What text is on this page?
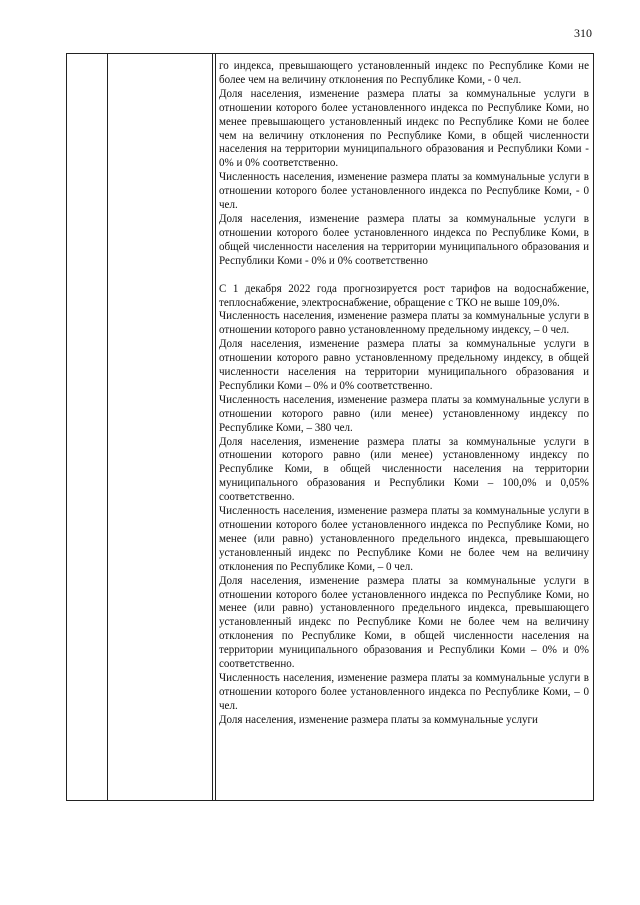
310

го индекса, превышающего установленный индекс по Республике Коми не более чем на величину отклонения по Республике Коми, - 0 чел.

Доля населения, изменение размера платы за коммунальные услуги в отношении которого более установленного индекса по Республике Коми, но менее превышающего установленный индекс по Республике Коми не более чем на величину отклонения по Республике Коми, в общей численности населения на территории муниципального образования и Республики Коми - 0% и 0% соответственно.

Численность населения, изменение размера платы за коммунальные услуги в отношении которого более установленного индекса по Республике Коми, - 0 чел.

Доля населения, изменение размера платы за коммунальные услуги в отношении которого более установленного индекса по Республике Коми, в общей численности населения на территории муниципального образования и Республики Коми - 0% и 0% соответственно

С 1 декабря 2022 года прогнозируется рост тарифов на водоснабжение, теплоснабжение, электроснабжение, обращение с ТКО не выше 109,0%.

Численность населения, изменение размера платы за коммунальные услуги в отношении которого равно установленному предельному индексу, – 0 чел.

Доля населения, изменение размера платы за коммунальные услуги в отношении которого равно установленному предельному индексу, в общей численности населения на территории муниципального образования и Республики Коми – 0% и 0% соответственно.

Численность населения, изменение размера платы за коммунальные услуги в отношении которого равно (или менее) установленному индексу по Республике Коми, – 380 чел.

Доля населения, изменение размера платы за коммунальные услуги в отношении которого равно (или менее) установленному индексу по Республике Коми, в общей численности населения на территории муниципального образования и Республики Коми – 100,0% и 0,05% соответственно.

Численность населения, изменение размера платы за коммунальные услуги в отношении которого более установленного индекса по Республике Коми, но менее (или равно) установленного предельного индекса, превышающего установленный индекс по Республике Коми не более чем на величину отклонения по Республике Коми, – 0 чел.

Доля населения, изменение размера платы за коммунальные услуги в отношении которого более установленного индекса по Республике Коми, но менее (или равно) установленного предельного индекса, превышающего установленный индекс по Республике Коми не более чем на величину отклонения по Республике Коми, в общей численности населения на территории муниципального образования и Республики Коми – 0% и 0% соответственно.

Численность населения, изменение размера платы за коммунальные услуги в отношении которого более установленного индекса по Республике Коми, – 0 чел.

Доля населения, изменение размера платы за коммунальные услуги
